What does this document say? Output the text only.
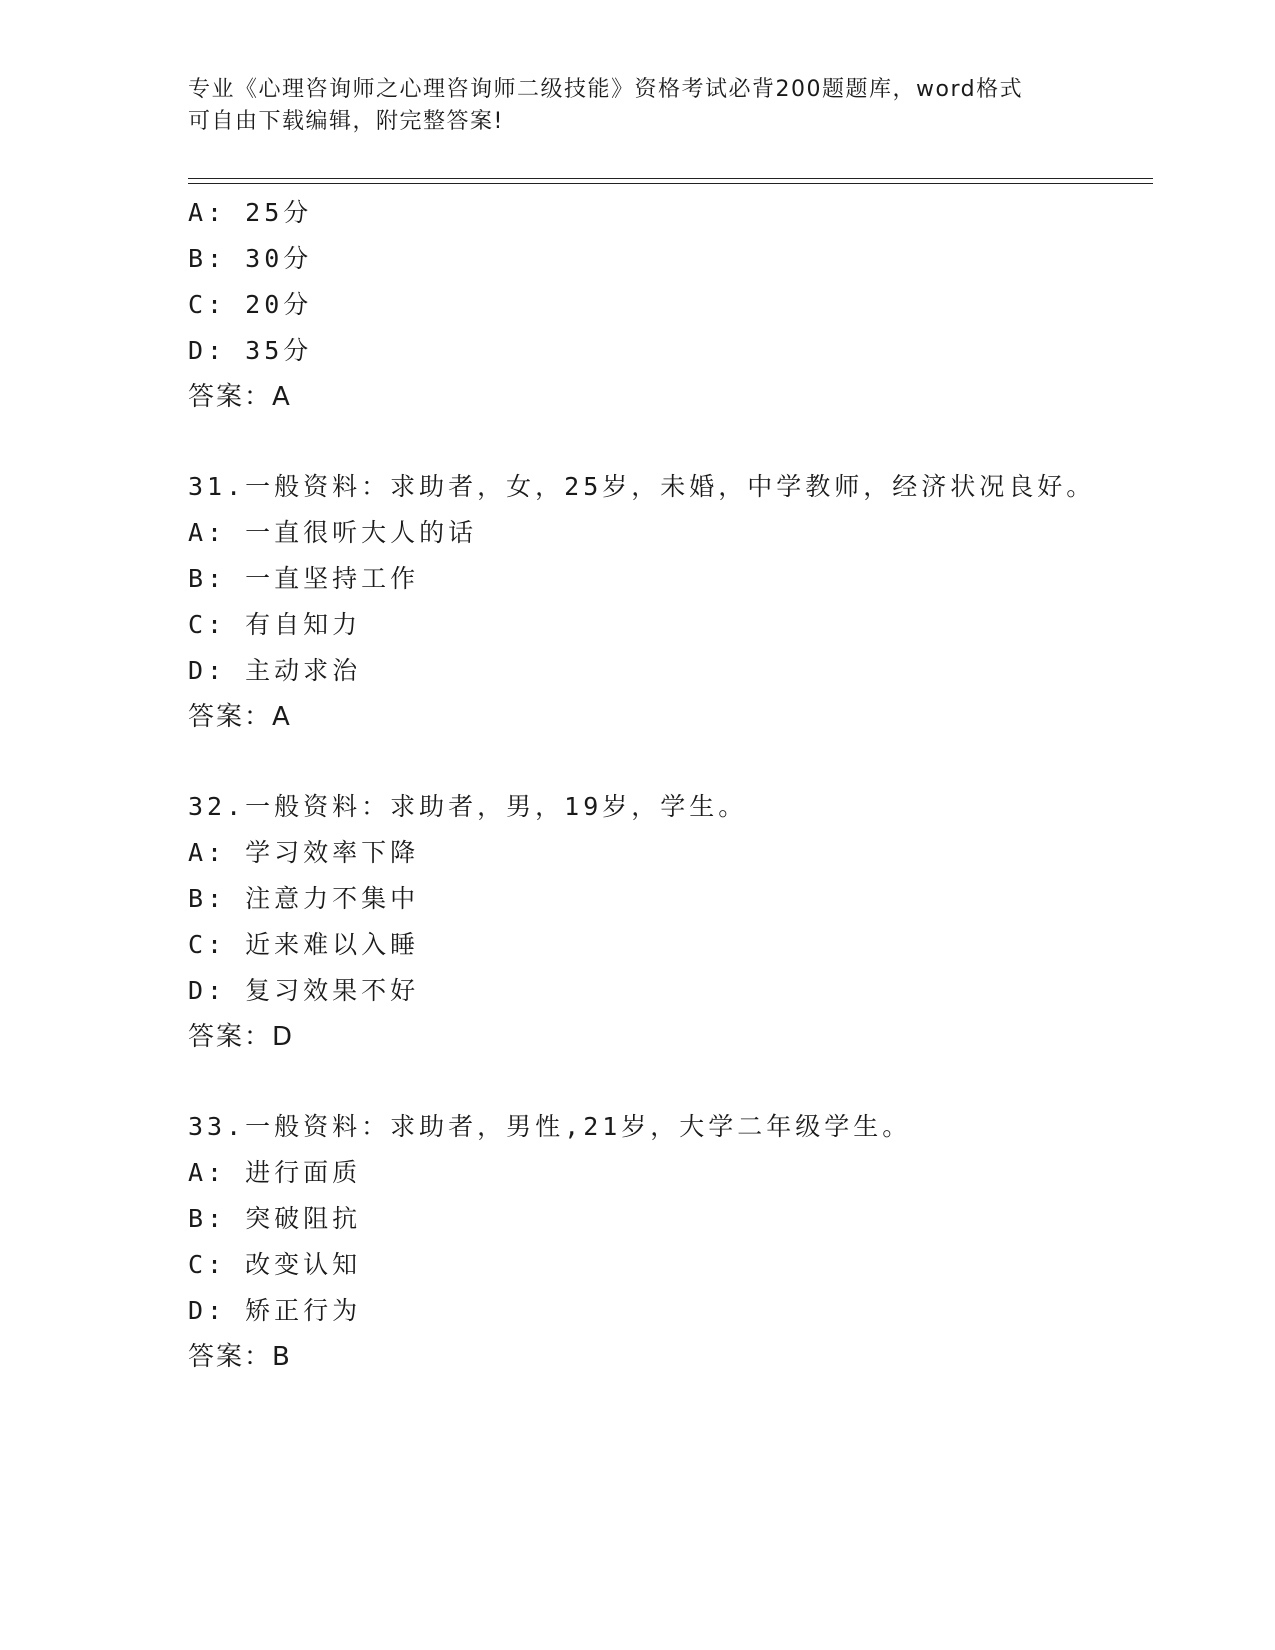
专业《心理咨询师之心理咨询师二级技能》资格考试必背200题题库，word格式
可自由下载编辑，附完整答案!
A: 25分
B: 30分
C: 20分
D: 35分
答案：A
31.一般资料：求助者，女，25岁，未婚，中学教师，经济状况良好。
A: 一直很听大人的话
B: 一直坚持工作
C: 有自知力
D: 主动求治
答案：A
32.一般资料：求助者，男，19岁，学生。
A: 学习效率下降
B: 注意力不集中
C: 近来难以入睡
D: 复习效果不好
答案：D
33.一般资料：求助者，男性,21岁，大学二年级学生。
A: 进行面质
B: 突破阻抗
C: 改变认知
D: 矫正行为
答案：B
